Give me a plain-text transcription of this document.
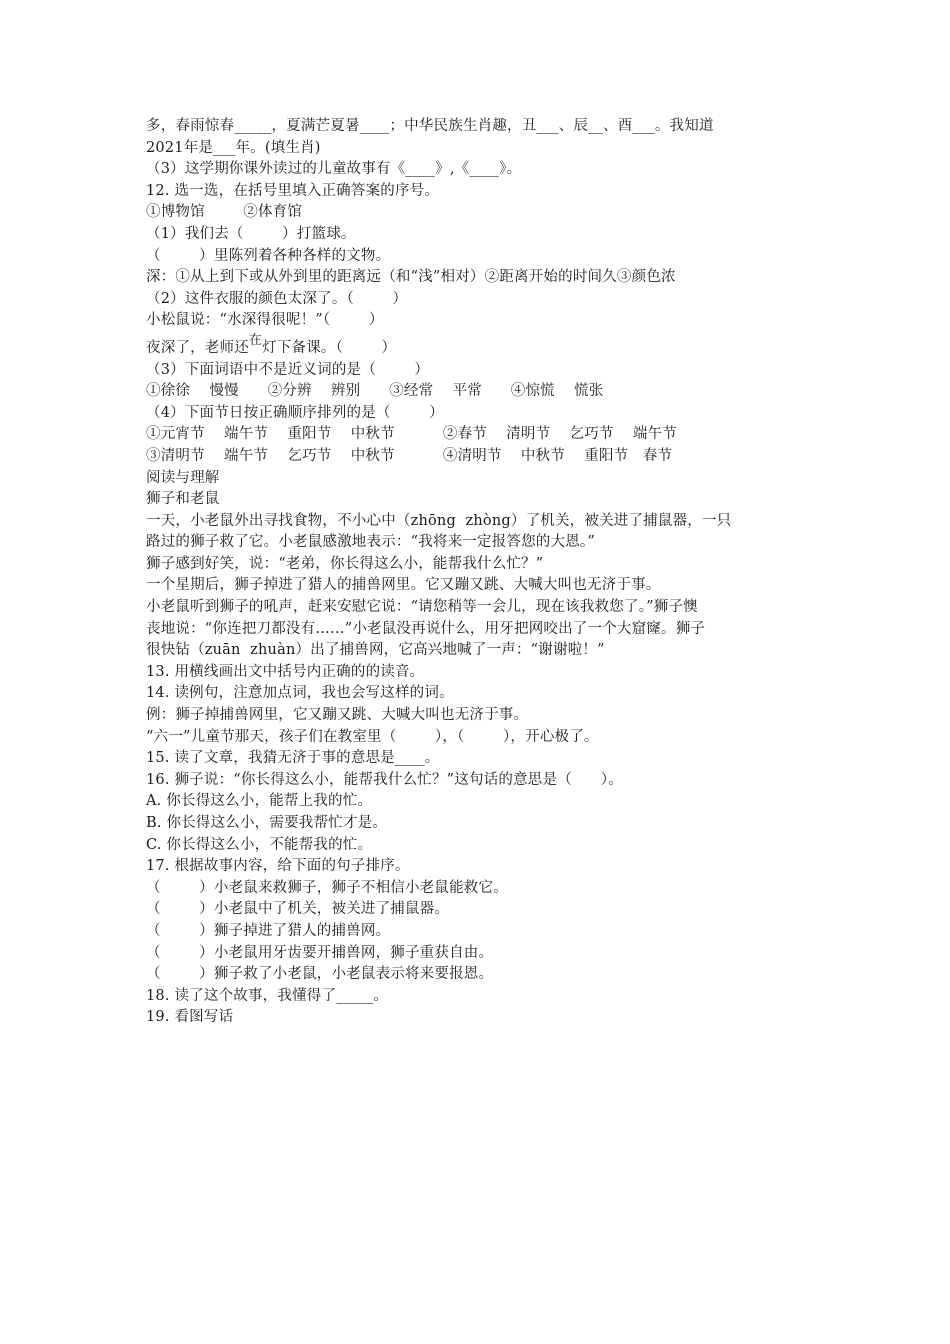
多，春雨惊春_____，夏满芒夏暑____；中华民族生肖趣，丑___、辰__、酉___。我知道
2021年是___年。(填生肖)
（3）这学期你课外读过的儿童故事有《____》,《____》。
12. 选一选，在括号里填入正确答案的序号。
①博物馆        ②体育馆
（1）我们去（        ）打篮球。
（        ）里陈列着各种各样的文物。
深：①从上到下或从外到里的距离远（和“浅”相对）②距离开始的时间久③颜色浓
（2）这件衣服的颜色太深了。（        ）
小松鼠说：“水深得很呢！”（        ）
夜深了，老师还在灯下备课。（        ）
（3）下面词语中不是近义词的是（        ）
①徐徐    慢慢      ②分辨    辨别      ③经常    平常      ④惊慌    慌张
（4）下面节日按正确顺序排列的是（        ）
①元宵节    端午节    重阳节    中秋节          ②春节    清明节    乞巧节    端午节
③清明节    端午节    乞巧节    中秋节          ④清明节    中秋节    重阳节   春节
阅读与理解
狮子和老鼠
一天，小老鼠外出寻找食物，不小心中（zhōng  zhòng）了机关，被关进了捕鼠器，一只
路过的狮子救了它。小老鼠感激地表示：“我将来一定报答您的大恩。”
狮子感到好笑，说：“老弟，你长得这么小，能帮我什么忙？”
一个星期后，狮子掉进了猎人的捕兽网里。它又蹦又跳、大喊大叫也无济于事。
小老鼠听到狮子的吼声，赶来安慰它说：“请您稍等一会儿，现在该我救您了。”狮子懊
丧地说：“你连把刀都没有……”小老鼠没再说什么，用牙把网咬出了一个大窟窿。狮子
很快钻（zuān  zhuàn）出了捕兽网，它高兴地喊了一声：“谢谢啦！”
13. 用横线画出文中括号内正确的的读音。
14. 读例句，注意加点词，我也会写这样的词。
例：狮子掉捕兽网里，它又蹦又跳、大喊大叫也无济于事。
“六一”儿童节那天，孩子们在教室里（        ），（        ），开心极了。
15. 读了文章，我猜无济于事的意思是____。
16. 狮子说：“你长得这么小，能帮我什么忙？”这句话的意思是（      ）。
A. 你长得这么小，能帮上我的忙。
B. 你长得这么小，需要我帮忙才是。
C. 你长得这么小，不能帮我的忙。
17. 根据故事内容，给下面的句子排序。
（        ）小老鼠来救狮子，狮子不相信小老鼠能救它。
（        ）小老鼠中了机关，被关进了捕鼠器。
（        ）狮子掉进了猎人的捕兽网。
（        ）小老鼠用牙齿要开捕兽网，狮子重获自由。
（        ）狮子救了小老鼠，小老鼠表示将来要报恩。
18. 读了这个故事，我懂得了_____。
19. 看图写话
